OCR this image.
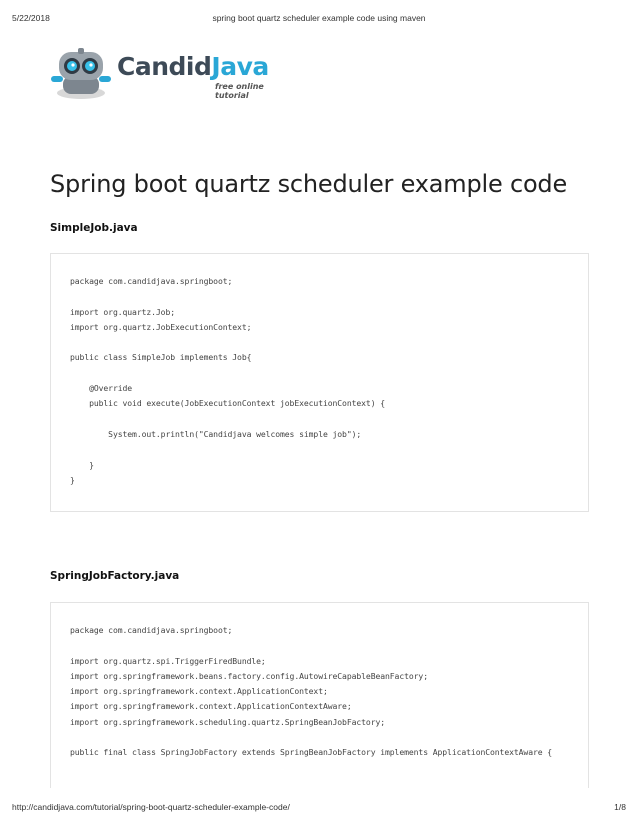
5/22/2018	spring boot quartz scheduler example code using maven
CandidJava
free online tutorial
Spring boot quartz scheduler example code
SimpleJob.java
package com.candidjava.springboot;

import org.quartz.Job;
import org.quartz.JobExecutionContext;

public class SimpleJob implements Job{

@Override
public void execute(JobExecutionContext jobExecutionContext) {

System.out.println("Candidjava welcomes simple job");

}
}
SpringJobFactory.java
package com.candidjava.springboot;

import org.quartz.spi.TriggerFiredBundle;
import org.springframework.beans.factory.config.AutowireCapableBeanFactory;
import org.springframework.context.ApplicationContext;
import org.springframework.context.ApplicationContextAware;
import org.springframework.scheduling.quartz.SpringBeanJobFactory;

public final class SpringJobFactory extends SpringBeanJobFactory implements ApplicationContextAware {
http://candidjava.com/tutorial/spring-boot-quartz-scheduler-example-code/	1/8
